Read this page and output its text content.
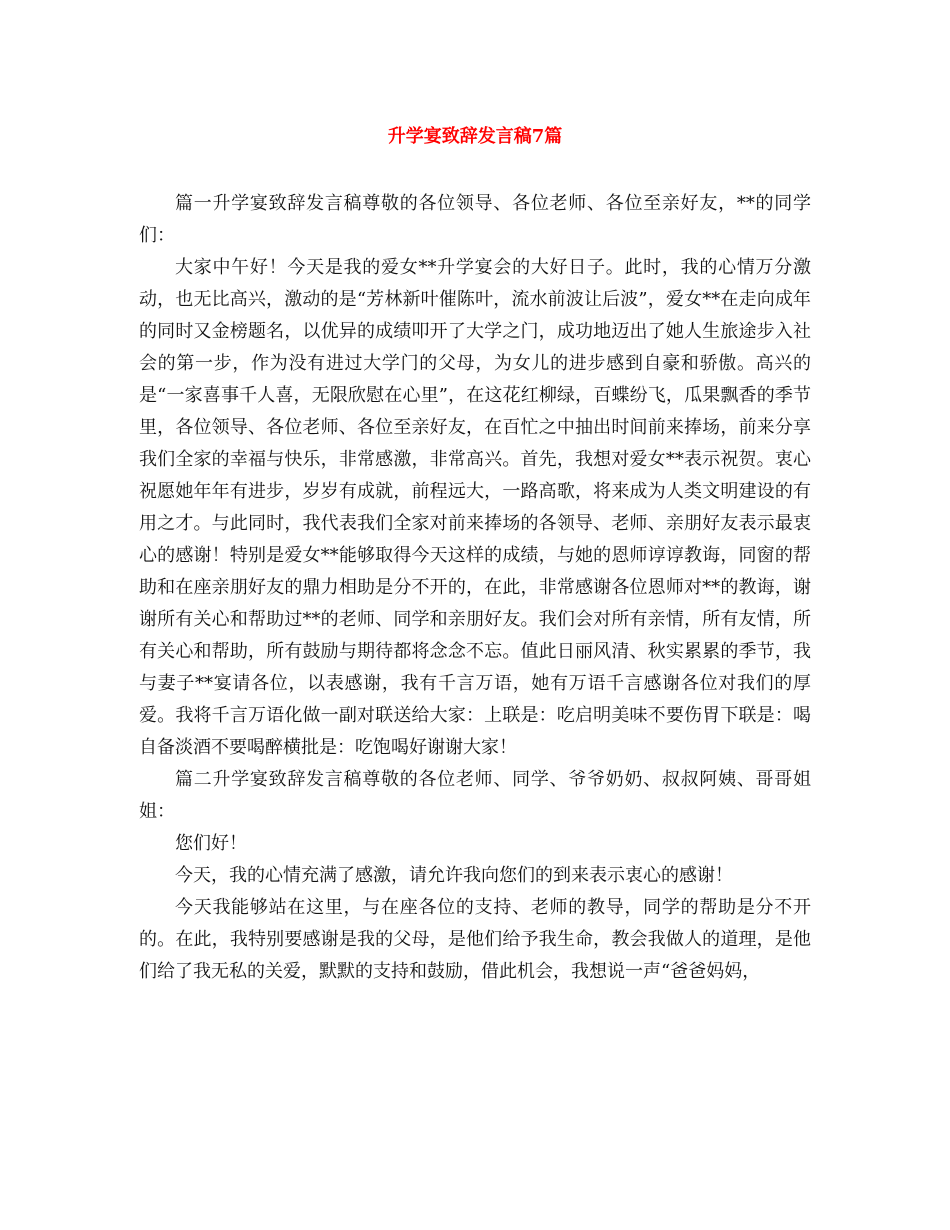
升学宴致辞发言稿7篇

篇一升学宴致辞发言稿尊敬的各位领导、各位老师、各位至亲好友，**的同学们：

大家中午好！今天是我的爱女**升学宴会的大好日子。此时，我的心情万分激动，也无比高兴，激动的是“芳林新叶催陈叶，流水前波让后波”，爱女**在走向成年的同时又金榜题名，以优异的成绩叩开了大学之门，成功地迈出了她人生旅途步入社会的第一步，作为没有进过大学门的父母，为女儿的进步感到自豪和骄傲。高兴的是“一家喜事千人喜，无限欣慰在心里”，在这花红柳绿，百蝶纷飞，瓜果飘香的季节里，各位领导、各位老师、各位至亲好友，在百忙之中抽出时间前来捧场，前来分享我们全家的幸福与快乐，非常感激，非常高兴。首先，我想对爱女**表示祝贺。衷心祝愿她年年有进步，岁岁有成就，前程远大，一路高歌，将来成为人类文明建设的有用之才。与此同时，我代表我们全家对前来捧场的各领导、老师、亲朋好友表示最衷心的感谢！特别是爱女**能够取得今天这样的成绩，与她的恩师谆谆教诲，同窗的帮助和在座亲朋好友的鼎力相助是分不开的，在此，非常感谢各位恩师对**的教诲，谢谢所有关心和帮助过**的老师、同学和亲朋好友。我们会对所有亲情，所有友情，所有关心和帮助，所有鼓励与期待都将念念不忘。值此日丽风清、秋实累累的季节，我与妻子**宴请各位，以表感谢，我有千言万语，她有万语千言感谢各位对我们的厚爱。我将千言万语化做一副对联送给大家：上联是：吃启明美味不要伤胃下联是：喝自备淡酒不要喝醉横批是：吃饱喝好谢谢大家！

篇二升学宴致辞发言稿尊敬的各位老师、同学、爷爷奶奶、叔叔阿姨、哥哥姐姐：

您们好！

今天，我的心情充满了感激，请允许我向您们的到来表示衷心的感谢！

今天我能够站在这里，与在座各位的支持、老师的教导，同学的帮助是分不开的。在此，我特别要感谢是我的父母，是他们给予我生命，教会我做人的道理，是他们给了我无私的关爱，默默的支持和鼓励，借此机会，我想说一声“爸爸妈妈，
